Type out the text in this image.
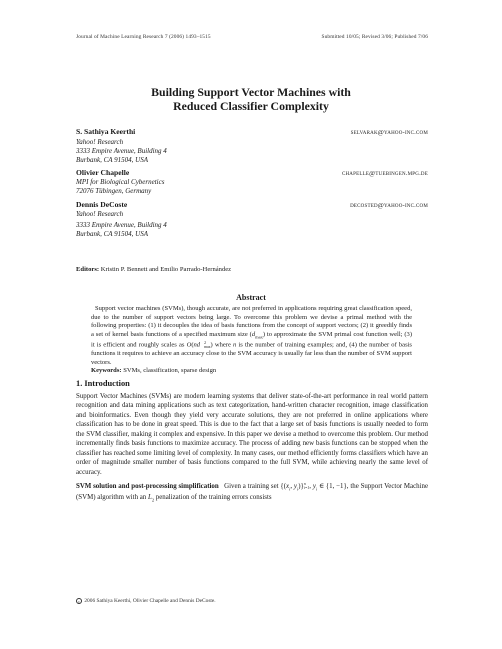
Journal of Machine Learning Research 7 (2006) 1493–1515	Submitted 10/05; Revised 3/06; Published 7/06
Building Support Vector Machines with
Reduced Classifier Complexity
S. Sathiya Keerthi	selvarak@yahoo-inc.com
Yahoo! Research
3333 Empire Avenue, Building 4
Burbank, CA 91504, USA
Olivier Chapelle	chapelle@tuebingen.mpg.de
MPI for Biological Cybernetics
72076 Tübingen, Germany
Dennis DeCoste	decosted@yahoo-inc.com
Yahoo! Research
3333 Empire Avenue, Building 4
Burbank, CA 91504, USA
Editors: Kristin P. Bennett and Emilio Parrado-Hernández
Abstract

Support vector machines (SVMs), though accurate, are not preferred in applications requiring great classification speed, due to the number of support vectors being large. To overcome this problem we devise a primal method with the following properties: (1) it decouples the idea of basis functions from the concept of support vectors; (2) it greedily finds a set of kernel basis functions of a specified maximum size $(d_{max})$ to approximate the SVM primal cost function well; (3) it is efficient and roughly scales as O(nd	2
max ) where n is the number of training examples; and, (4) the number of basis functions it requires to achieve an accuracy close to the SVM accuracy is usually far less than the number of SVM support vectors.

Keywords: SVMs, classification, sparse design
1. Introduction

Support Vector Machines (SVMs) are modern learning systems that deliver state-of-the-art performance in real world pattern recognition and data mining applications such as text categorization, hand-written character recognition, image classification and bioinformatics. Even though they yield very accurate solutions, they are not preferred in online applications where classification has to be done in great speed. This is due to the fact that a large set of basis functions is usually needed to form the SVM classifier, making it complex and expensive. In this paper we devise a method to overcome this problem. Our method incrementally finds basis functions to maximize accuracy. The process of adding new basis functions can be stopped when the classifier has reached some limiting level of complexity. In many cases, our method efficiently forms classifiers which have an order of magnitude smaller number of basis functions compared to the full SVM, while achieving nearly the same level of accuracy.

SVM solution and post-processing simplification Given a training set {($x_i$, $y_i$)} n
i=1 , $y_i$ ∈ {1, −1}, the Support Vector Machine (SVM) algorithm with an $L_2$ penalization of the training errors consists

c 2006 Sathiya Keerthi, Olivier Chapelle and Dennis DeCoste.
